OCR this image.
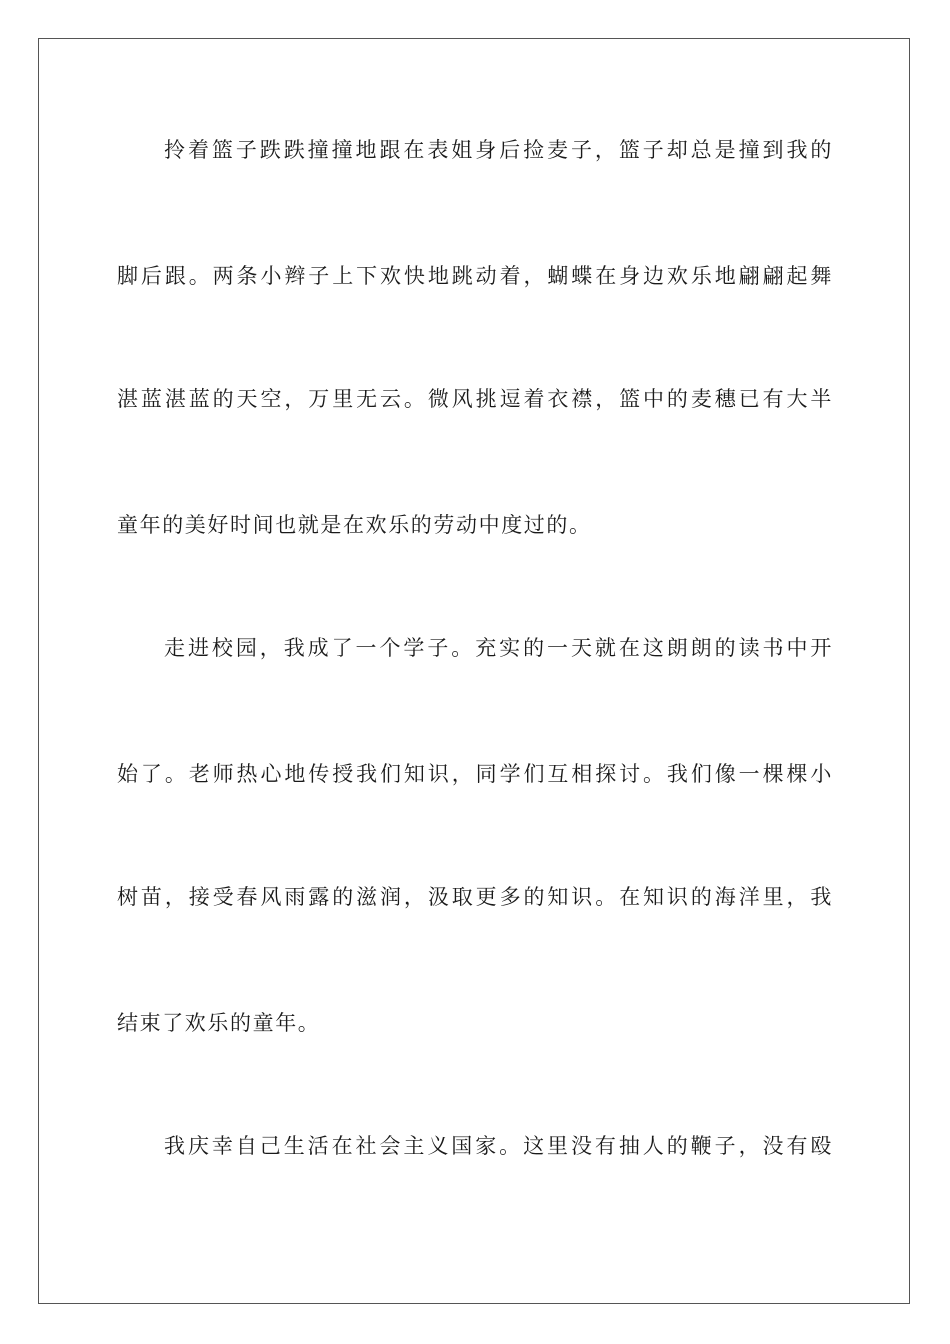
拎着篮子跌跌撞撞地跟在表姐身后捡麦子，篮子却总是撞到我的
脚后跟。两条小辫子上下欢快地跳动着，蝴蝶在身边欢乐地翩翩起舞
湛蓝湛蓝的天空，万里无云。微风挑逗着衣襟，篮中的麦穗已有大半
童年的美好时间也就是在欢乐的劳动中度过的。
走进校园，我成了一个学子。充实的一天就在这朗朗的读书中开
始了。老师热心地传授我们知识，同学们互相探讨。我们像一棵棵小
树苗，接受春风雨露的滋润，汲取更多的知识。在知识的海洋里，我
结束了欢乐的童年。
我庆幸自己生活在社会主义国家。这里没有抽人的鞭子，没有殴
